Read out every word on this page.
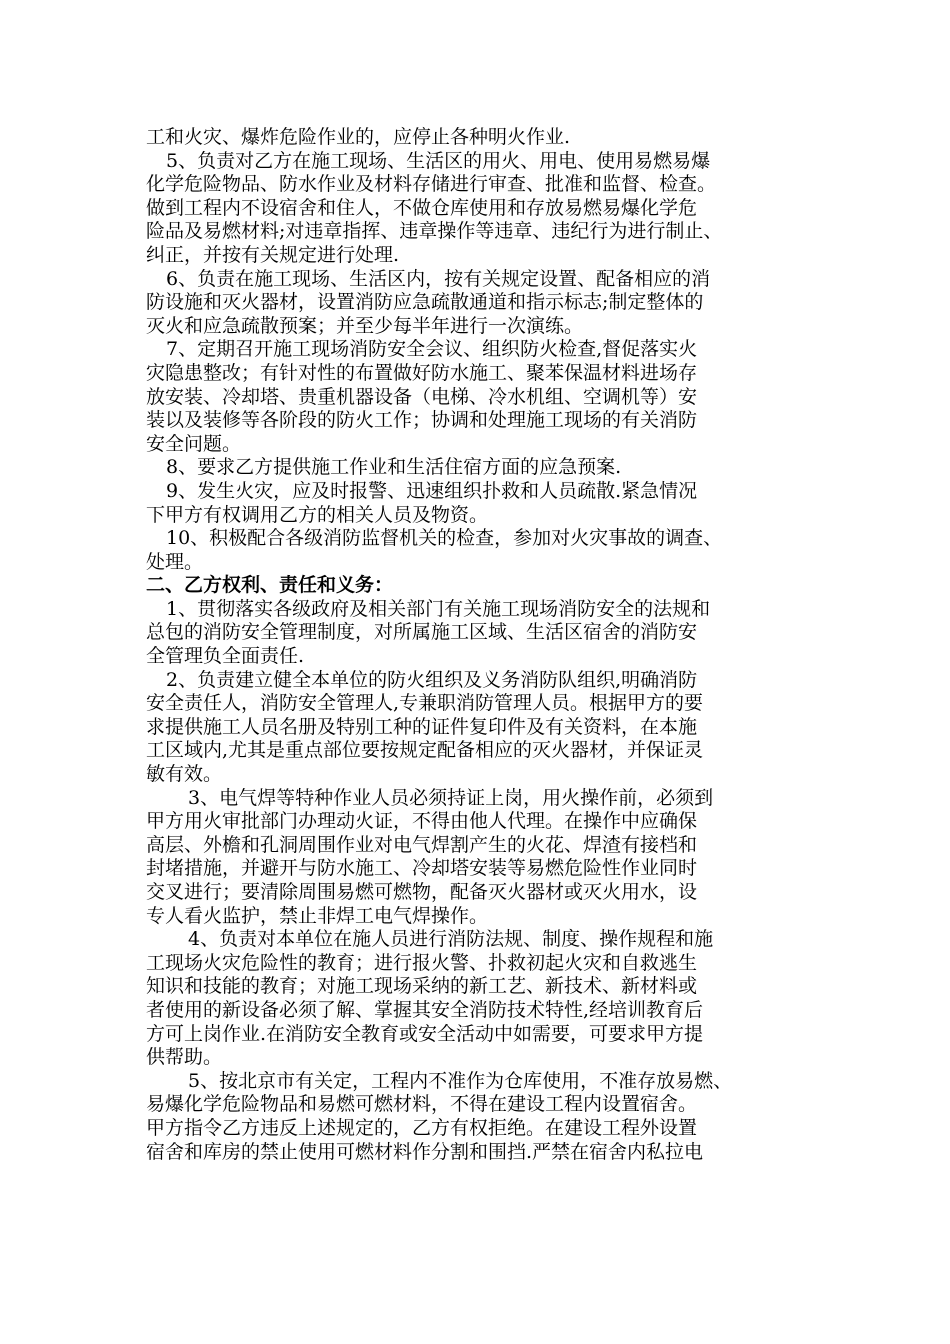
工和火灾、爆炸危险作业的，应停止各种明火作业.
5、负责对乙方在施工现场、生活区的用火、用电、使用易燃易爆
化学危险物品、防水作业及材料存储进行审查、批准和监督、检查。
做到工程内不设宿舍和住人，不做仓库使用和存放易燃易爆化学危
险品及易燃材料;对违章指挥、违章操作等违章、违纪行为进行制止、
纠正，并按有关规定进行处理.
6、负责在施工现场、生活区内，按有关规定设置、配备相应的消
防设施和灭火器材，设置消防应急疏散通道和指示标志;制定整体的
灭火和应急疏散预案；并至少每半年进行一次演练。
7、定期召开施工现场消防安全会议、组织防火检查,督促落实火
灾隐患整改；有针对性的布置做好防水施工、聚苯保温材料进场存
放安装、冷却塔、贵重机器设备（电梯、冷水机组、空调机等）安
装以及装修等各阶段的防火工作；协调和处理施工现场的有关消防
安全问题。
8、要求乙方提供施工作业和生活住宿方面的应急预案.
9、发生火灾，应及时报警、迅速组织扑救和人员疏散.紧急情况
下甲方有权调用乙方的相关人员及物资。
10、积极配合各级消防监督机关的检查，参加对火灾事故的调查、
处理。
二、乙方权利、责任和义务：
1、贯彻落实各级政府及相关部门有关施工现场消防安全的法规和
总包的消防安全管理制度，对所属施工区域、生活区宿舍的消防安
全管理负全面责任.
2、负责建立健全本单位的防火组织及义务消防队组织,明确消防
安全责任人，消防安全管理人,专兼职消防管理人员。根据甲方的要
求提供施工人员名册及特别工种的证件复印件及有关资料，在本施
工区域内,尤其是重点部位要按规定配备相应的灭火器材，并保证灵
敏有效。
3、电气焊等特种作业人员必须持证上岗，用火操作前，必须到
甲方用火审批部门办理动火证，不得由他人代理。在操作中应确保
高层、外檐和孔洞周围作业对电气焊割产生的火花、焊渣有接档和
封堵措施，并避开与防水施工、冷却塔安装等易燃危险性作业同时
交叉进行；要清除周围易燃可燃物，配备灭火器材或灭火用水，设
专人看火监护，禁止非焊工电气焊操作。
4、负责对本单位在施人员进行消防法规、制度、操作规程和施
工现场火灾危险性的教育；进行报火警、扑救初起火灾和自救逃生
知识和技能的教育；对施工现场采纳的新工艺、新技术、新材料或
者使用的新设备必须了解、掌握其安全消防技术特性,经培训教育后
方可上岗作业.在消防安全教育或安全活动中如需要，可要求甲方提
供帮助。
5、按北京市有关定，工程内不准作为仓库使用，不准存放易燃、
易爆化学危险物品和易燃可燃材料，不得在建设工程内设置宿舍。
甲方指令乙方违反上述规定的，乙方有权拒绝。在建设工程外设置
宿舍和库房的禁止使用可燃材料作分割和围挡.严禁在宿舍内私拉电
